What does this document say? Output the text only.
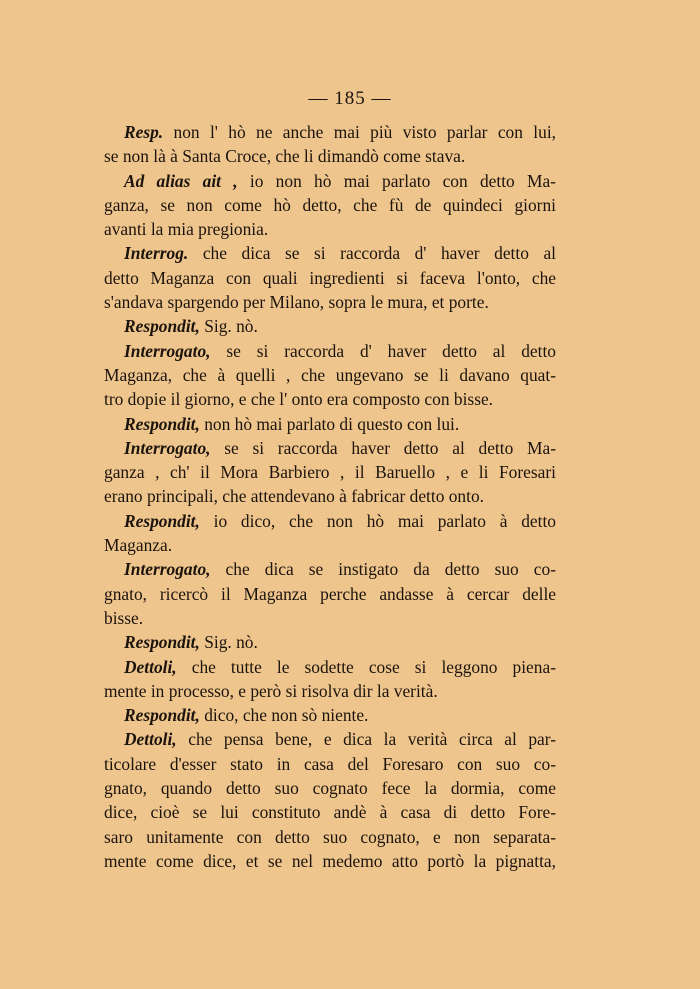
— 185 —
Resp. non l' hò ne anche mai più visto parlar con lui,
se non là à Santa Croce, che li dimandò come stava.
Ad alias ait , io non hò mai parlato con detto Ma-
ganza, se non come hò detto, che fù de quindeci giorni
avanti la mia pregionia.
Interrog. che dica se si raccorda d' haver detto al
detto Maganza con quali ingredienti si faceva l'onto, che
s'andava spargendo per Milano, sopra le mura, et porte.
Respondit, Sig. nò.
Interrogato, se si raccorda d' haver detto al detto
Maganza, che à quelli , che ungevano se li davano quat-
tro dopie il giorno, e che l' onto era composto con bisse.
Respondit, non hò mai parlato di questo con lui.
Interrogato, se si raccorda haver detto al detto Ma-
ganza , ch' il Mora Barbiero , il Baruello , e li Foresari
erano principali, che attendevano à fabricar detto onto.
Respondit, io dico, che non hò mai parlato à detto
Maganza.
Interrogato, che dica se instigato da detto suo co-
gnato, ricercò il Maganza perche andasse à cercar delle
bisse.
Respondit, Sig. nò.
Dettoli, che tutte le sodette cose si leggono piena-
mente in processo, e però si risolva dir la verità.
Respondit, dico, che non sò niente.
Dettoli, che pensa bene, e dica la verità circa al par-
ticolare d'esser stato in casa del Foresaro con suo co-
gnato, quando detto suo cognato fece la dormia, come
dice, cioè se lui constituto andè à casa di detto Fore-
saro unitamente con detto suo cognato, e non separata-
mente come dice, et se nel medemo atto portò la pignatta,
